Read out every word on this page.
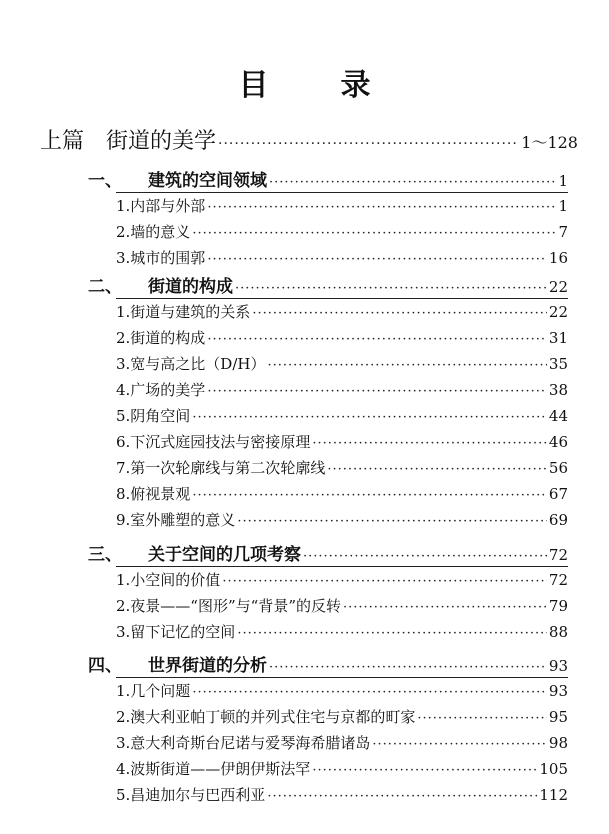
目 录
上篇 街道的美学 ·····	1～128
一、 建筑的空间领域 ·····	1
1.内部与外部 ·····	1
2.墙的意义 ·····	7
3.城市的围郭 ·····	16
二、 街道的构成 ·····	22
1.街道与建筑的关系 ·····	22
2.街道的构成 ·····	31
3.宽与高之比（D/H） ·····	35
4.广场的美学 ·····	38
5.阴角空间 ·····	44
6.下沉式庭园技法与密接原理 ·····	46
7.第一次轮廓线与第二次轮廓线 ·····	56
8.俯视景观 ·····	67
9.室外雕塑的意义 ·····	69
三、 关于空间的几项考察 ·····	72
1.小空间的价值 ·····	72
2.夜景——“图形”与“背景”的反转 ·····	79
3.留下记忆的空间 ·····	88
四、 世界街道的分析 ·····	93
1.几个问题 ·····	93
2.澳大利亚帕丁顿的并列式住宅与京都的町家 ·····	95
3.意大利奇斯台尼诺与爱琴海希腊诸岛 ·····	98
4.波斯街道——伊朗伊斯法罕 ·····	105
5.昌迪加尔与巴西利亚 ·····	112
